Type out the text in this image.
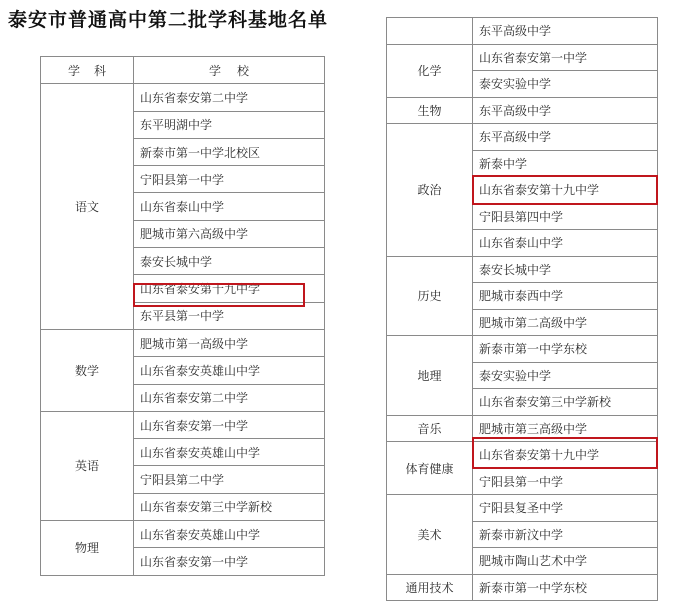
泰安市普通高中第二批学科基地名单
学科	学校
语文	山东省泰安第二中学
	东平明湖中学
	新泰市第一中学北校区
	宁阳县第一中学
	山东省泰山中学
	肥城市第六高级中学
	泰安长城中学
	山东省泰安第十九中学
	东平县第一中学
数学	肥城市第一高级中学
	山东省泰安英雄山中学
	山东省泰安第二中学
英语	山东省泰安第一中学
	山东省泰安英雄山中学
	宁阳县第二中学
	山东省泰安第三中学新校
物理	山东省泰安英雄山中学
	山东省泰安第一中学
	东平高级中学
化学	山东省泰安第一中学
	泰安实验中学
生物	东平高级中学
政治	东平高级中学
	新泰中学
	山东省泰安第十九中学
	宁阳县第四中学
	山东省泰山中学
历史	泰安长城中学
	肥城市泰西中学
	肥城市第二高级中学
地理	新泰市第一中学东校
	泰安实验中学
	山东省泰安第三中学新校
音乐	肥城市第三高级中学
体育健康	山东省泰安第十九中学
	宁阳县第一中学
美术	宁阳县复圣中学
	新泰市新汶中学
	肥城市陶山艺术中学
通用技术	新泰市第一中学东校
